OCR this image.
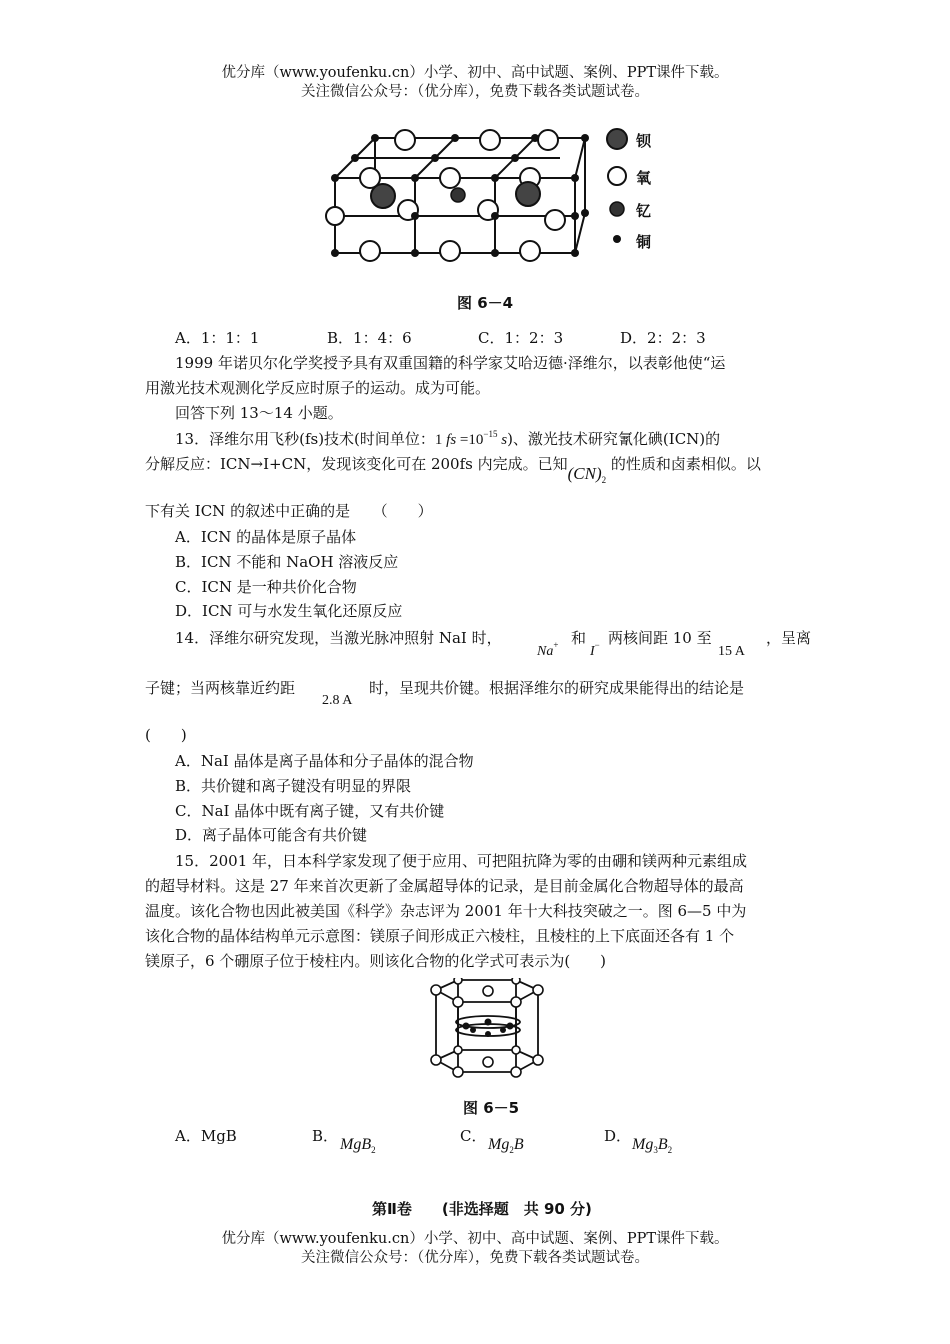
优分库（www.youfenku.cn）小学、初中、高中试题、案例、PPT课件下载。
关注微信公众号：（优分库），免费下载各类试题试卷。
钡
氧
钇
铜
图 6－4
A．1：1：1	B．1：4：6	C．1：2：3	D．2：2：3
1999 年诺贝尔化学奖授予具有双重国籍的科学家艾哈迈德·泽维尔，以表彰他使“运
用激光技术观测化学反应时原子的运动。成为可能。
回答下列 13～14 小题。
13．泽维尔用飞秒(fs)技术(时间单位：1 fs $=10^{-15}$ s)、激光技术研究氰化碘(ICN)的
分解反应：ICN→I+CN，发现该变化可在 200fs 内完成。已知$(CN)_2$ 的性质和卤素相似。以
下有关 ICN 的叙述中正确的是　　（　　）
A．ICN 的晶体是原子晶体
B．ICN 不能和 NaOH 溶液反应
C．ICN 是一种共价化合物
D．ICN 可与水发生氧化还原反应
14．泽维尔研究发现，当激光脉冲照射 NaI 时，
Na+ 和
I− 两核间距 10 至
15 A
，呈离
子键；当两核靠近约距
2.8 A
时，呈现共价键。根据泽维尔的研究成果能得出的结论是
(　　)
A．NaI 晶体是离子晶体和分子晶体的混合物
B．共价键和离子键没有明显的界限
C．NaI 晶体中既有离子键，又有共价键
D．离子晶体可能含有共价键
15．2001 年，日本科学家发现了便于应用、可把阻抗降为零的由硼和镁两种元素组成
的超导材料。这是 27 年来首次更新了金属超导体的记录，是目前金属化合物超导体的最高
温度。该化合物也因此被美国《科学》杂志评为 2001 年十大科技突破之一。图 6—5 中为
该化合物的晶体结构单元示意图：镁原子间形成正六棱柱，且棱柱的上下底面还各有 1 个
镁原子，6 个硼原子位于棱柱内。则该化合物的化学式可表示为(　　)
图 6－5
A．MgB	B． MgB$_2$
C． $Mg_2B$	D． $Mg_3B_2$
第Ⅱ卷　　(非选择题　共 90 分)
优分库（www.youfenku.cn）小学、初中、高中试题、案例、PPT课件下载。
关注微信公众号：（优分库），免费下载各类试题试卷。
